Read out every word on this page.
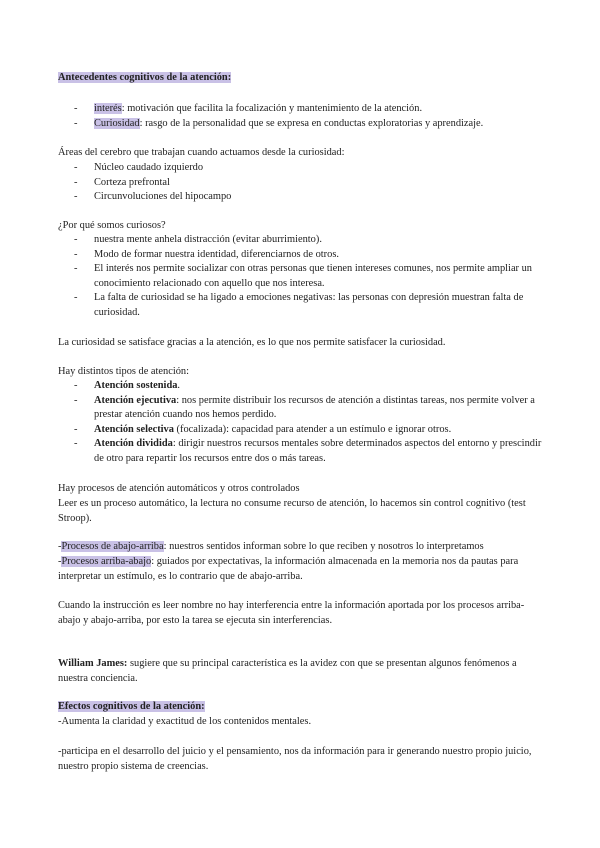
Antecedentes cognitivos de la atención:

- interés: motivación que facilita la focalización y mantenimiento de la atención.
- Curiosidad: rasgo de la personalidad que se expresa en conductas exploratorias y aprendizaje.

Áreas del cerebro que trabajan cuando actuamos desde la curiosidad:

- Núcleo caudado izquierdo
- Corteza prefrontal
- Circunvoluciones del hipocampo

¿Por qué somos curiosos?

- nuestra mente anhela distracción (evitar aburrimiento).
- Modo de formar nuestra identidad, diferenciarnos de otros.
- El interés nos permite socializar con otras personas que tienen intereses comunes, nos permite ampliar un conocimiento relacionado con aquello que nos interesa.
- La falta de curiosidad se ha ligado a emociones negativas: las personas con depresión muestran falta de curiosidad.

La curiosidad se satisface gracias a la atención, es lo que nos permite satisfacer la curiosidad.

Hay distintos tipos de atención:

- Atención sostenida.
- Atención ejecutiva: nos permite distribuir los recursos de atención a distintas tareas, nos permite volver a prestar atención cuando nos hemos perdido.
- Atención selectiva (focalizada): capacidad para atender a un estímulo e ignorar otros.
- Atención dividida: dirigir nuestros recursos mentales sobre determinados aspectos del entorno y prescindir de otro para repartir los recursos entre dos o más tareas.

Hay procesos de atención automáticos y otros controlados

Leer es un proceso automático, la lectura no consume recurso de atención, lo hacemos sin control cognitivo (test Stroop).

-Procesos de abajo-arriba: nuestros sentidos informan sobre lo que reciben y nosotros lo interpretamos

-Procesos arriba-abajo: guiados por expectativas, la información almacenada en la memoria nos da pautas para interpretar un estímulo, es lo contrario que de abajo-arriba.

Cuando la instrucción es leer nombre no hay interferencia entre la información aportada por los procesos arriba-abajo y abajo-arriba, por esto la tarea se ejecuta sin interferencias.

William James: sugiere que su principal característica es la avidez con que se presentan algunos fenómenos a nuestra conciencia.

Efectos cognitivos de la atención:

-Aumenta la claridad y exactitud de los contenidos mentales.

-participa en el desarrollo del juicio y el pensamiento, nos da información para ir generando nuestro propio juicio, nuestro propio sistema de creencias.
